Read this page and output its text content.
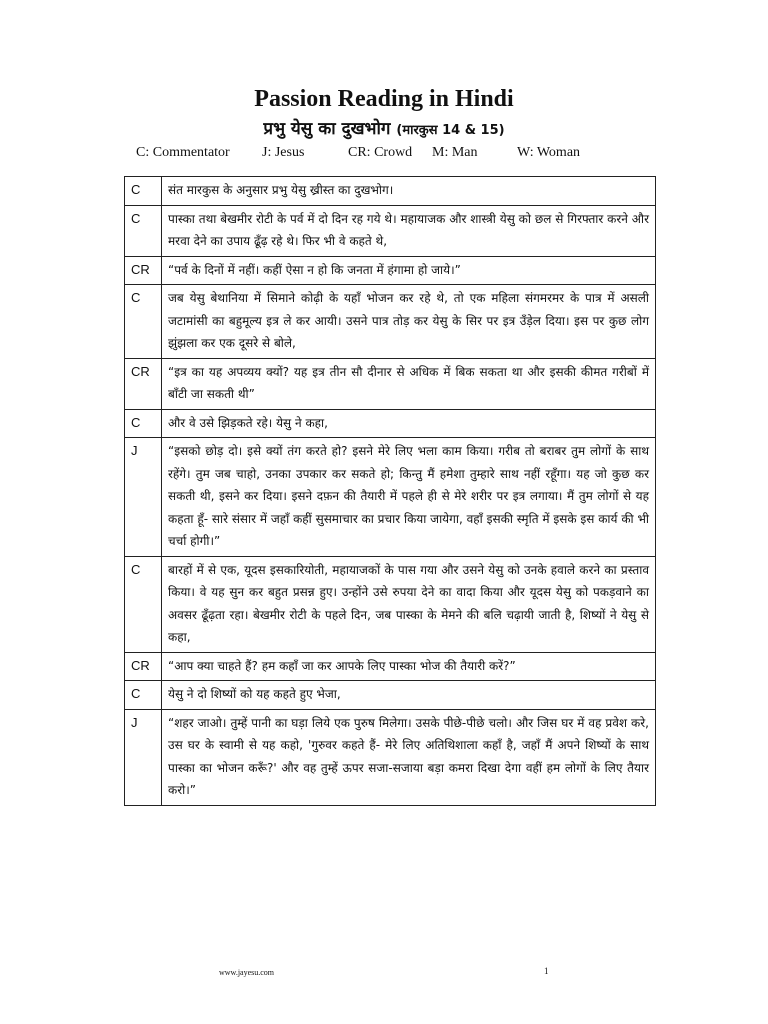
Passion Reading in Hindi
प्रभु येसु का दुखभोग (मारकुस 14 & 15)
C: Commentator J: Jesus	CR: Crowd M: Man	W: Woman
C	संत मारकुस के अनुसार प्रभु येसु ख्रीस्त का दुखभोग।
C	पास्का तथा बेखमीर रोटी के पर्व में दो दिन रह गये थे। महायाजक और शास्त्री येसु को छल से गिरफ्तार करने और मरवा देने का उपाय ढूँढ़ रहे थे। फिर भी वे कहते थे,
CR	“पर्व के दिनों में नहीं। कहीं ऐसा न हो कि जनता में हंगामा हो जाये।”
C	जब येसु बेथानिया में सिमाने कोढ़ी के यहाँ भोजन कर रहे थे, तो एक महिला संगमरमर के पात्र में असली जटामांसी का बहुमूल्य इत्र ले कर आयी। उसने पात्र तोड़ कर येसु के सिर पर इत्र उँड़ेल दिया। इस पर कुछ लोग झुंझला कर एक दूसरे से बोले,
CR	“इत्र का यह अपव्यय क्यों? यह इत्र तीन सौ दीनार से अधिक में बिक सकता था और इसकी कीमत गरीबों में बाँटी जा सकती थी”
C	और वे उसे झिड़कते रहे। येसु ने कहा,
J	“इसको छोड़ दो। इसे क्यों तंग करते हो? इसने मेरे लिए भला काम किया। गरीब तो बराबर तुम लोगों के साथ रहेंगे। तुम जब चाहो, उनका उपकार कर सकते हो; किन्तु मैं हमेशा तुम्हारे साथ नहीं रहूँगा। यह जो कुछ कर सकती थी, इसने कर दिया। इसने दफ़न की तैयारी में पहले ही से मेरे शरीर पर इत्र लगाया। मैं तुम लोगों से यह कहता हूँ- सारे संसार में जहाँ कहीं सुसमाचार का प्रचार किया जायेगा, वहाँ इसकी स्मृति में इसके इस कार्य की भी चर्चा होगी।”
C	बारहों में से एक, यूदस इसकारियोती, महायाजकों के पास गया और उसने येसु को उनके हवाले करने का प्रस्ताव किया। वे यह सुन कर बहुत प्रसन्न हुए। उन्होंने उसे रुपया देने का वादा किया और यूदस येसु को पकड़वाने का अवसर ढूँढ़ता रहा। बेखमीर रोटी के पहले दिन, जब पास्का के मेमने की बलि चढ़ायी जाती है, शिष्यों ने येसु से कहा,
CR	“आप क्या चाहते हैं? हम कहाँ जा कर आपके लिए पास्का भोज की तैयारी करें?”
C	येसु ने दो शिष्यों को यह कहते हुए भेजा,
J	“शहर जाओ। तुम्हें पानी का घड़ा लिये एक पुरुष मिलेगा। उसके पीछे-पीछे चलो। और जिस घर में वह प्रवेश करे, उस घर के स्वामी से यह कहो, 'गुरुवर कहते हैं- मेरे लिए अतिथिशाला कहाँ है, जहाँ मैं अपने शिष्यों के साथ पास्का का भोजन करूँ?' और वह तुम्हें ऊपर सजा-सजाया बड़ा कमरा दिखा देगा वहीं हम लोगों के लिए तैयार करो।”
www.jayesu.com	1
